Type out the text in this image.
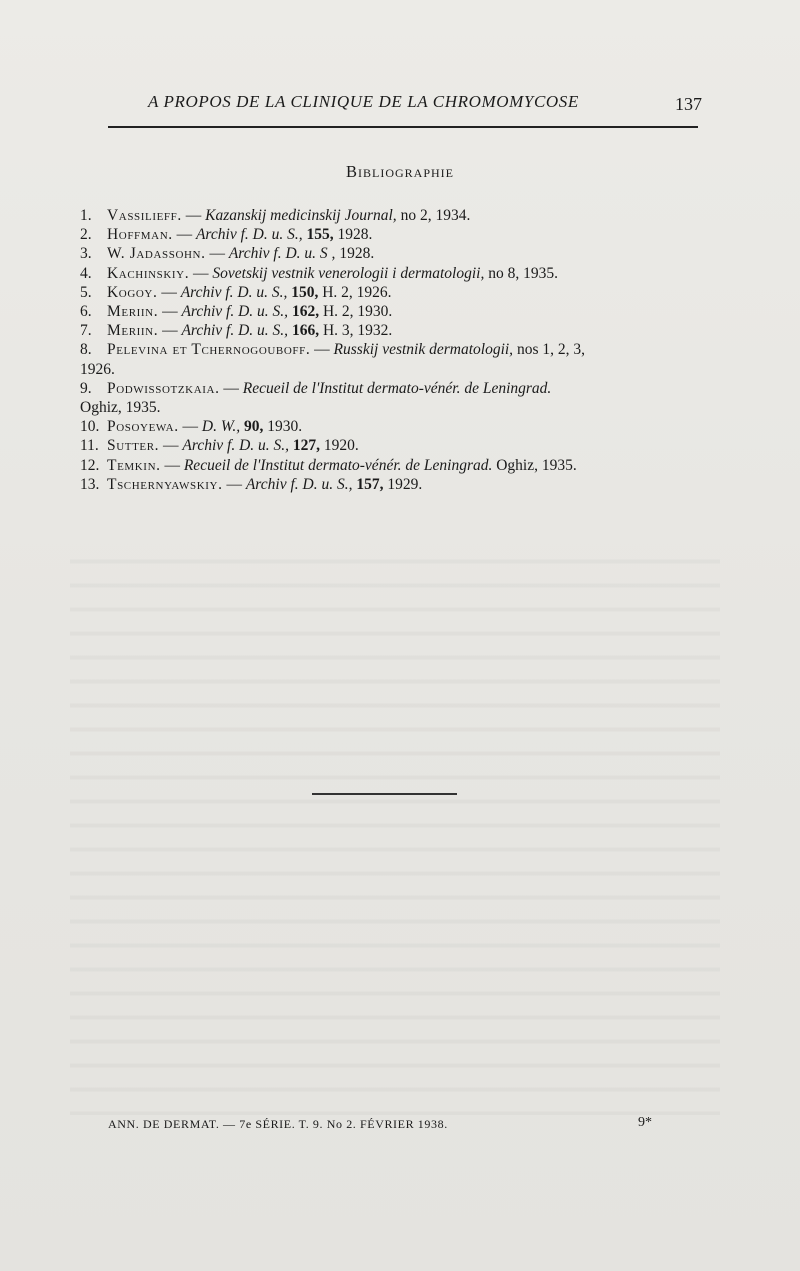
A PROPOS DE LA CLINIQUE DE LA CHROMOMYCOSE	137
Bibliographie
1. Vassilieff. — Kazanskij medicinskij Journal, no 2, 1934.
2. Hoffman. — Archiv f. D. u. S., 155, 1928.
3. W. Jadassohn. — Archiv f. D. u. S , 1928.
4. Kachinskiy. — Sovetskij vestnik venerologii i dermatologii, no 8, 1935.
5. Kogoy. — Archiv f. D. u. S., 150, H. 2, 1926.
6. Meriin. — Archiv f. D. u. S., 162, H. 2, 1930.
7. Meriin. — Archiv f. D. u. S., 166, H. 3, 1932.
8. Pelevina et Tchernogouboff. — Russkij vestnik dermatologii, nos 1, 2, 3,
1926.
9. Podwissotzkaia. — Recueil de l'Institut dermato-vénér. de Leningrad.
Oghiz, 1935.
10. Posoyewa. — D. W., 90, 1930.
11. Sutter. — Archiv f. D. u. S., 127, 1920.
12. Temkin. — Recueil de l'Institut dermato-vénér. de Leningrad. Oghiz, 1935.
13. Tschernyawskiy. — Archiv f. D. u. S., 157, 1929.
ANN. DE DERMAT. — 7e SÉRIE. T. 9. No 2. FÉVRIER 1938.	9*
